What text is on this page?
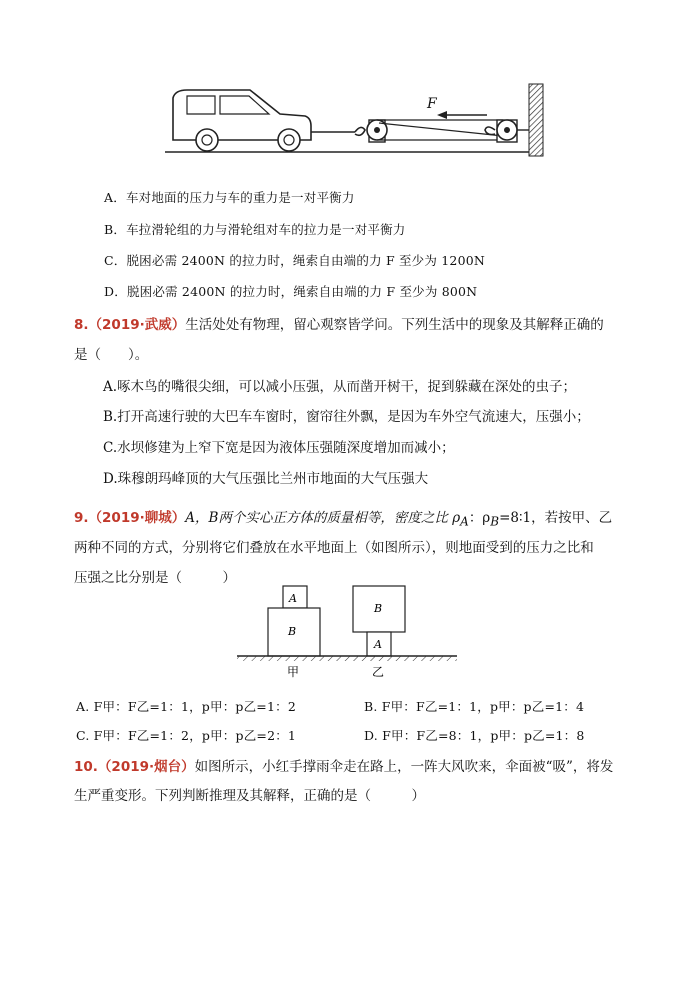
F
A．车对地面的压力与车的重力是一对平衡力
B．车拉滑轮组的力与滑轮组对车的拉力是一对平衡力
C．脱困必需 2400N 的拉力时，绳索自由端的力 F 至少为 1200N
D．脱困必需 2400N 的拉力时，绳索自由端的力 F 至少为 800N
8.（2019·武威）生活处处有物理，留心观察皆学问。下列生活中的现象及其解释正确的
是（　　）。
A.啄木鸟的嘴很尖细，可以减小压强，从而凿开树干，捉到躲藏在深处的虫子；
B.打开高速行驶的大巴车车窗时，窗帘往外飘，是因为车外空气流速大，压强小；
C.水坝修建为上窄下宽是因为液体压强随深度增加而减小；
D.珠穆朗玛峰顶的大气压强比兰州市地面的大气压强大
9.（2019·聊城）A，B两个实心正方体的质量相等，密度之比 $\rho_A$：$\rho_B=8∶1$，若按甲、乙
两种不同的方式，分别将它们叠放在水平地面上（如图所示），则地面受到的压力之比和
压强之比分别是（　　　）
A
B
B
A
甲	乙
A. F甲：F乙=1：1，p甲：p乙=1：2	B. F甲：F乙=1：1，p甲：p乙=1：4
C. F甲：F乙=1：2，p甲：p乙=2：1	D. F甲：F乙=8：1，p甲：p乙=1：8
10.（2019·烟台）如图所示，小红手撑雨伞走在路上，一阵大风吹来，伞面被“吸”，将发
生严重变形。下列判断推理及其解释，正确的是（　　　）
